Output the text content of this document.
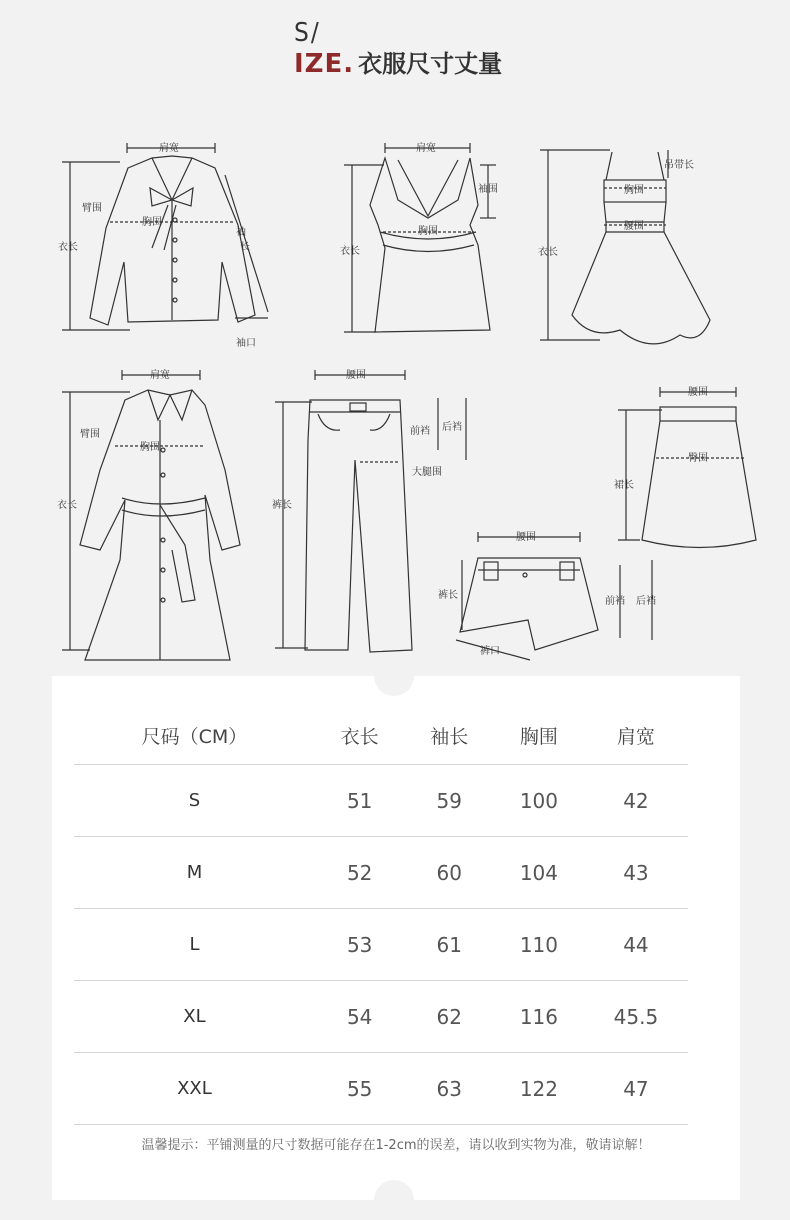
S/
IZE. 衣服尺寸丈量
肩宽
臂围
胸围
袖
长
衣长
袖口
肩宽
袖围
胸围
衣长
吊带长
胸围
腰围
衣长
肩宽
臂围
胸围
衣长
腰围
前裆 后裆
大腿围
裤长
腰围
臀围
裙长
腰围
裤长
前裆 后裆
裤口
尺码（CM）	衣长	袖长	胸围	肩宽
S	51	59	100	42
M	52	60	104	43
L	53	61	110	44
XL	54	62	116	45.5
XXL	55	63	122	47
温馨提示：平铺测量的尺寸数据可能存在1-2cm的误差，请以收到实物为准，敬请谅解！
